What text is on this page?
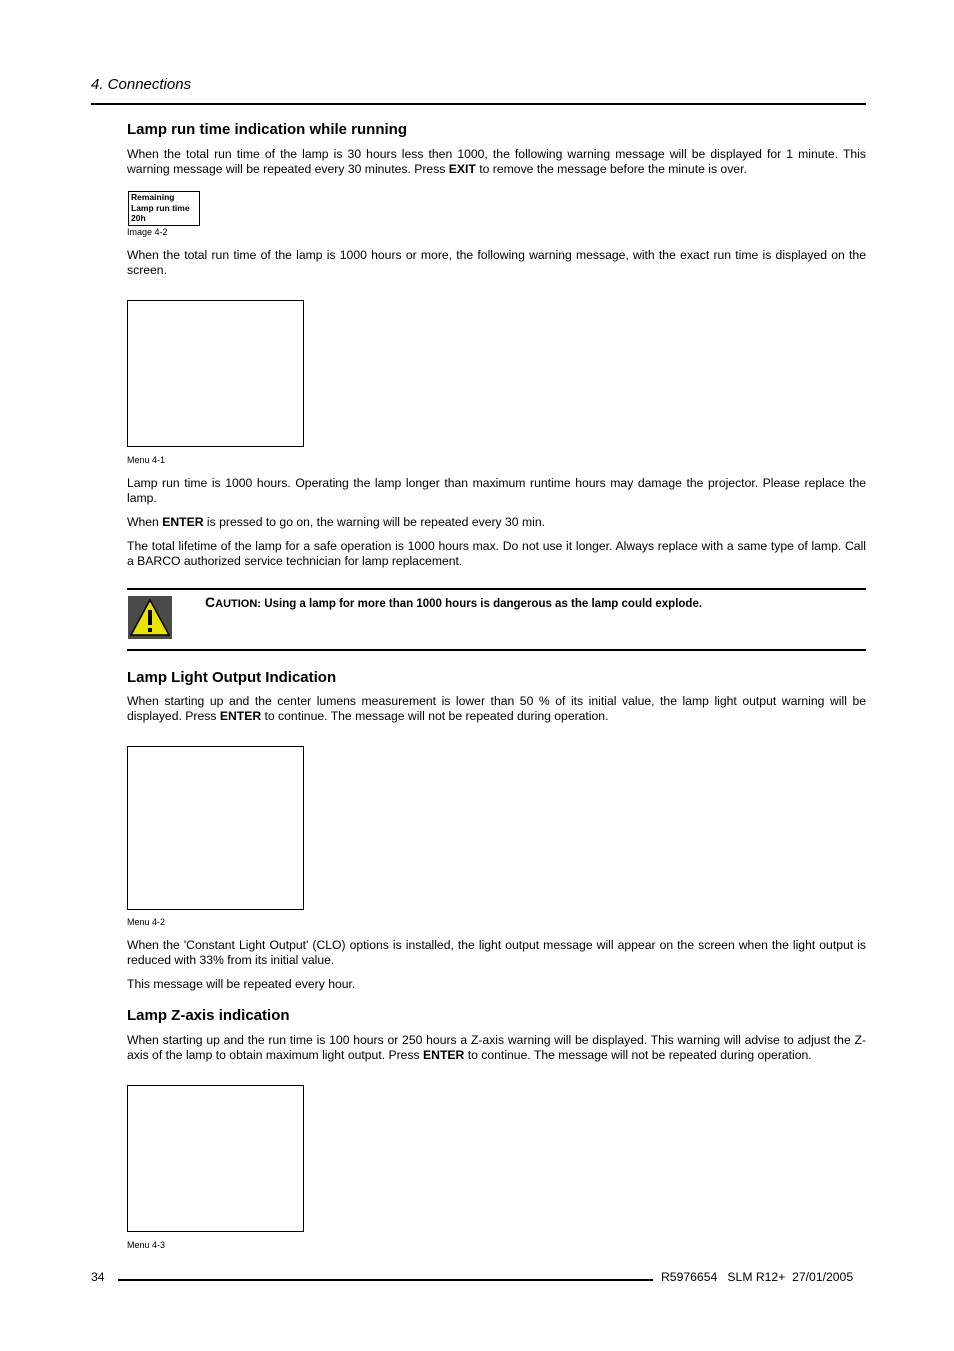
4. Connections
Lamp run time indication while running

When the total run time of the lamp is 30 hours less then 1000, the following warning message will be displayed for 1 minute. This warning message will be repeated every 30 minutes. Press EXIT to remove the message before the minute is over.

Remaining
Lamp run time
20h
Image 4-2

When the total run time of the lamp is 1000 hours or more, the following warning message, with the exact run time is displayed on the screen.

Menu 4-1

Lamp run time is 1000 hours. Operating the lamp longer than maximum runtime hours may damage the projector. Please replace the lamp.

When ENTER is pressed to go on, the warning will be repeated every 30 min.

The total lifetime of the lamp for a safe operation is 1000 hours max. Do not use it longer. Always replace with a same type of lamp. Call a BARCO authorized service technician for lamp replacement.

CAUTION: Using a lamp for more than 1000 hours is dangerous as the lamp could explode.
Lamp Light Output Indication

When starting up and the center lumens measurement is lower than 50 % of its initial value, the lamp light output warning will be displayed. Press ENTER to continue. The message will not be repeated during operation.

Menu 4-2

When the 'Constant Light Output' (CLO) options is installed, the light output message will appear on the screen when the light output is reduced with 33% from its initial value.

This message will be repeated every hour.

Lamp Z-axis indication

When starting up and the run time is 100 hours or 250 hours a Z-axis warning will be displayed. This warning will advise to adjust the Z-axis of the lamp to obtain maximum light output. Press ENTER to continue. The message will not be repeated during operation.

Menu 4-3
34	R5976654   SLM R12+  27/01/2005
